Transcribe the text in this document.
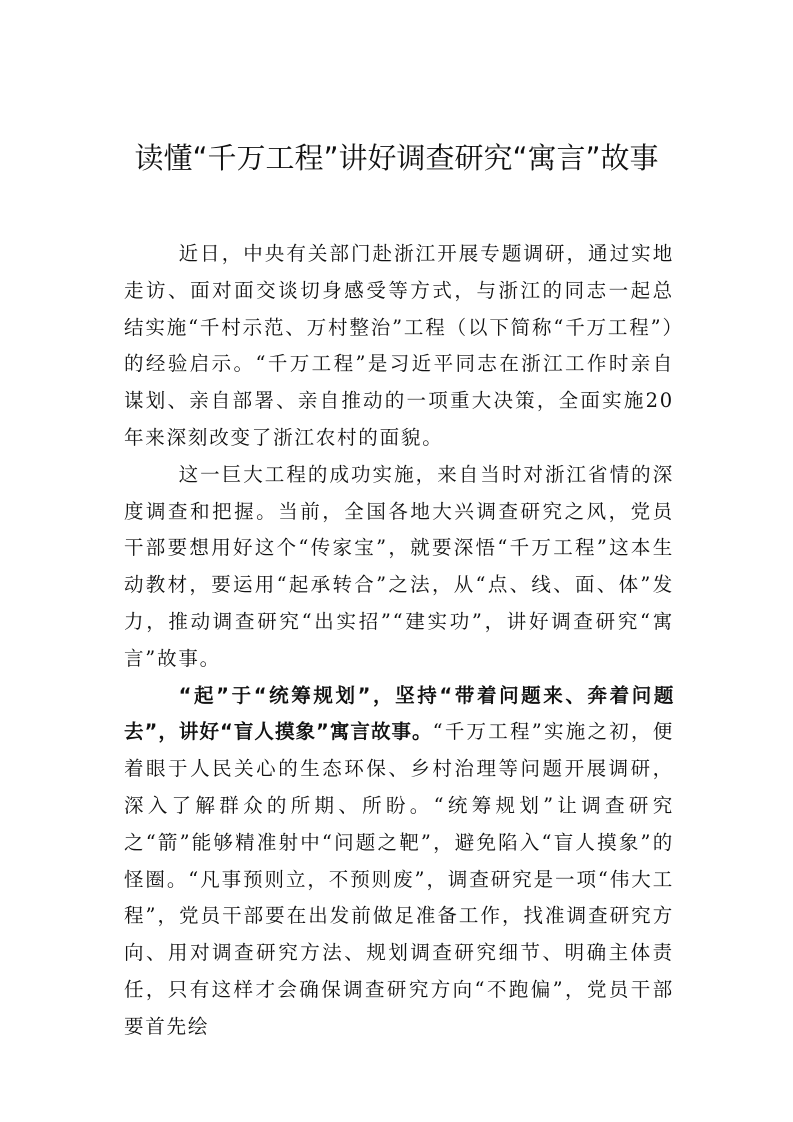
读懂“千万工程”讲好调查研究“寓言”故事

近日，中央有关部门赴浙江开展专题调研，通过实地走访、面对面交谈切身感受等方式，与浙江的同志一起总结实施“千村示范、万村整治”工程（以下简称“千万工程”）的经验启示。“千万工程”是习近平同志在浙江工作时亲自谋划、亲自部署、亲自推动的一项重大决策，全面实施20年来深刻改变了浙江农村的面貌。

这一巨大工程的成功实施，来自当时对浙江省情的深度调查和把握。当前，全国各地大兴调查研究之风，党员干部要想用好这个“传家宝”，就要深悟“千万工程”这本生动教材，要运用“起承转合”之法，从“点、线、面、体”发力，推动调查研究“出实招”“建实功”，讲好调查研究“寓言”故事。

“起”于“统筹规划”，坚持“带着问题来、奔着问题去”，讲好“盲人摸象”寓言故事。“千万工程”实施之初，便着眼于人民关心的生态环保、乡村治理等问题开展调研，深入了解群众的所期、所盼。“统筹规划”让调查研究之“箭”能够精准射中“问题之靶”，避免陷入“盲人摸象”的怪圈。“凡事预则立，不预则废”，调查研究是一项“伟大工程”，党员干部要在出发前做足准备工作，找准调查研究方向、用对调查研究方法、规划调查研究细节、明确主体责任，只有这样才会确保调查研究方向“不跑偏”，党员干部要首先绘
